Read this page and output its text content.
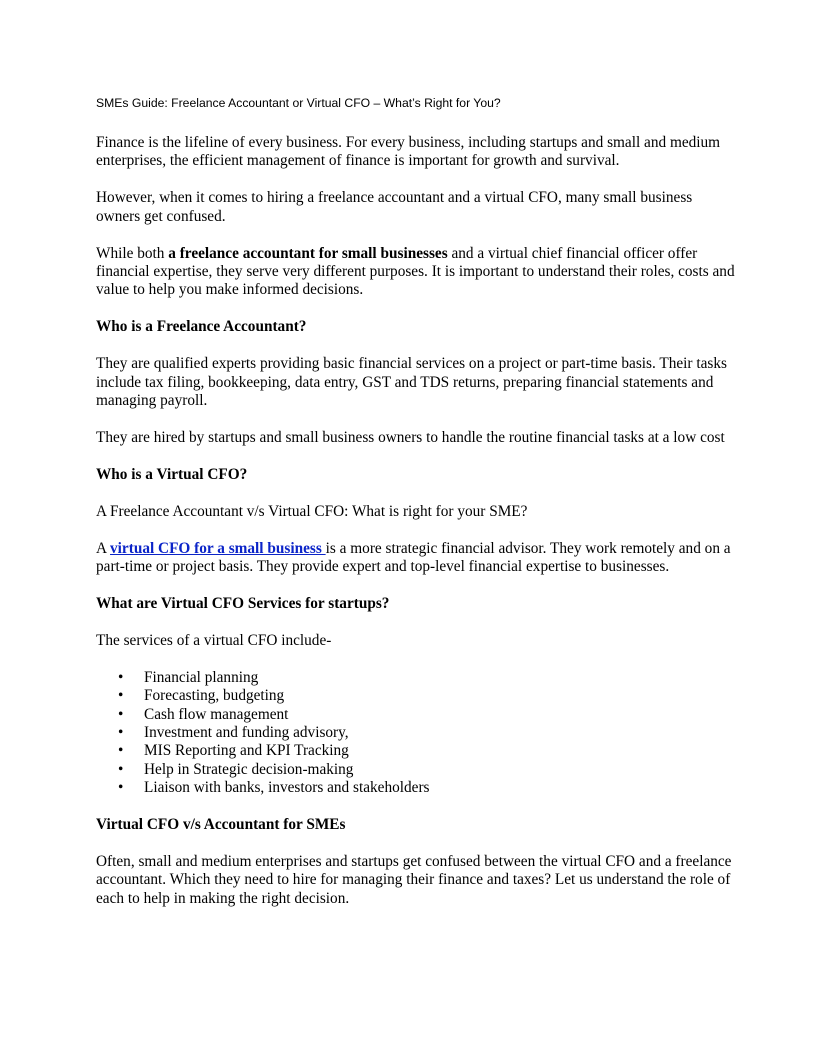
SMEs Guide: Freelance Accountant or Virtual CFO – What’s Right for You?

Finance is the lifeline of every business. For every business, including startups and small and medium enterprises, the efficient management of finance is important for growth and survival.

However, when it comes to hiring a freelance accountant and a virtual CFO, many small business owners get confused.

While both a freelance accountant for small businesses and a virtual chief financial officer offer financial expertise, they serve very different purposes. It is important to understand their roles, costs and value to help you make informed decisions.

Who is a Freelance Accountant?

They are qualified experts providing basic financial services on a project or part-time basis. Their tasks include tax filing, bookkeeping, data entry, GST and TDS returns, preparing financial statements and managing payroll.

They are hired by startups and small business owners to handle the routine financial tasks at a low cost

Who is a Virtual CFO?

A Freelance Accountant v/s Virtual CFO: What is right for your SME?

A virtual CFO for a small business is a more strategic financial advisor. They work remotely and on a part-time or project basis. They provide expert and top-level financial expertise to businesses.

What are Virtual CFO Services for startups?

The services of a virtual CFO include-

• Financial planning
• Forecasting, budgeting
• Cash flow management
• Investment and funding advisory,
• MIS Reporting and KPI Tracking
• Help in Strategic decision-making
• Liaison with banks, investors and stakeholders
Virtual CFO v/s Accountant for SMEs

Often, small and medium enterprises and startups get confused between the virtual CFO and a freelance accountant. Which they need to hire for managing their finance and taxes? Let us understand the role of each to help in making the right decision.
